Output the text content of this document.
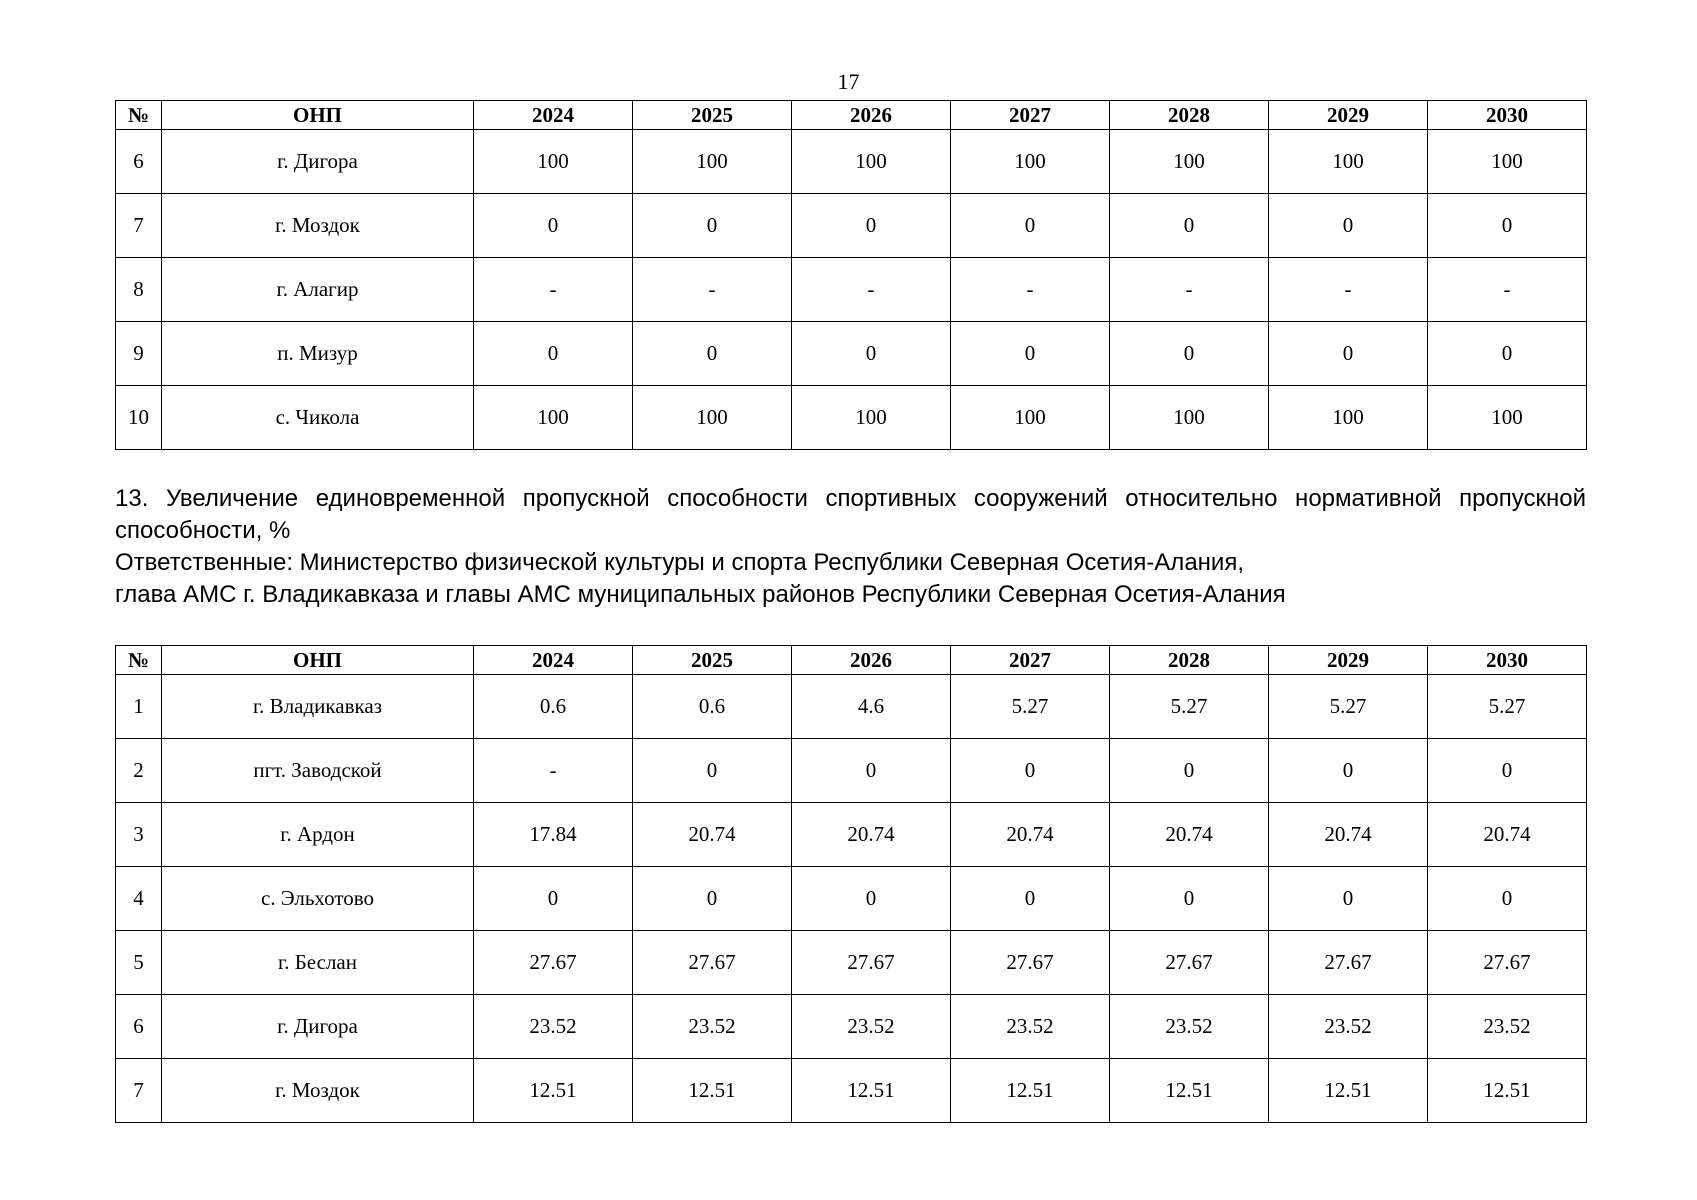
17
№	ОНП	2024	2025	2026	2027	2028	2029	2030
6	г. Дигора	100	100	100	100	100	100	100
7	г. Моздок	0	0	0	0	0	0	0
8	г. Алагир	-	-	-	-	-	-	-
9	п. Мизур	0	0	0	0	0	0	0
10	с. Чикола	100	100	100	100	100	100	100

13. Увеличение единовременной пропускной способности спортивных сооружений относительно нормативной пропускной способности, %

Ответственные: Министерство физической культуры и спорта Республики Северная Осетия-Алания,

глава АМС г. Владикавказа и главы АМС муниципальных районов Республики Северная Осетия-Алания

№	ОНП	2024	2025	2026	2027	2028	2029	2030
1	г. Владикавказ	0.6	0.6	4.6	5.27	5.27	5.27	5.27
2	пгт. Заводской	-	0	0	0	0	0	0
3	г. Ардон	17.84	20.74	20.74	20.74	20.74	20.74	20.74
4	с. Эльхотово	0	0	0	0	0	0	0
5	г. Беслан	27.67	27.67	27.67	27.67	27.67	27.67	27.67
6	г. Дигора	23.52	23.52	23.52	23.52	23.52	23.52	23.52
7	г. Моздок	12.51	12.51	12.51	12.51	12.51	12.51	12.51
